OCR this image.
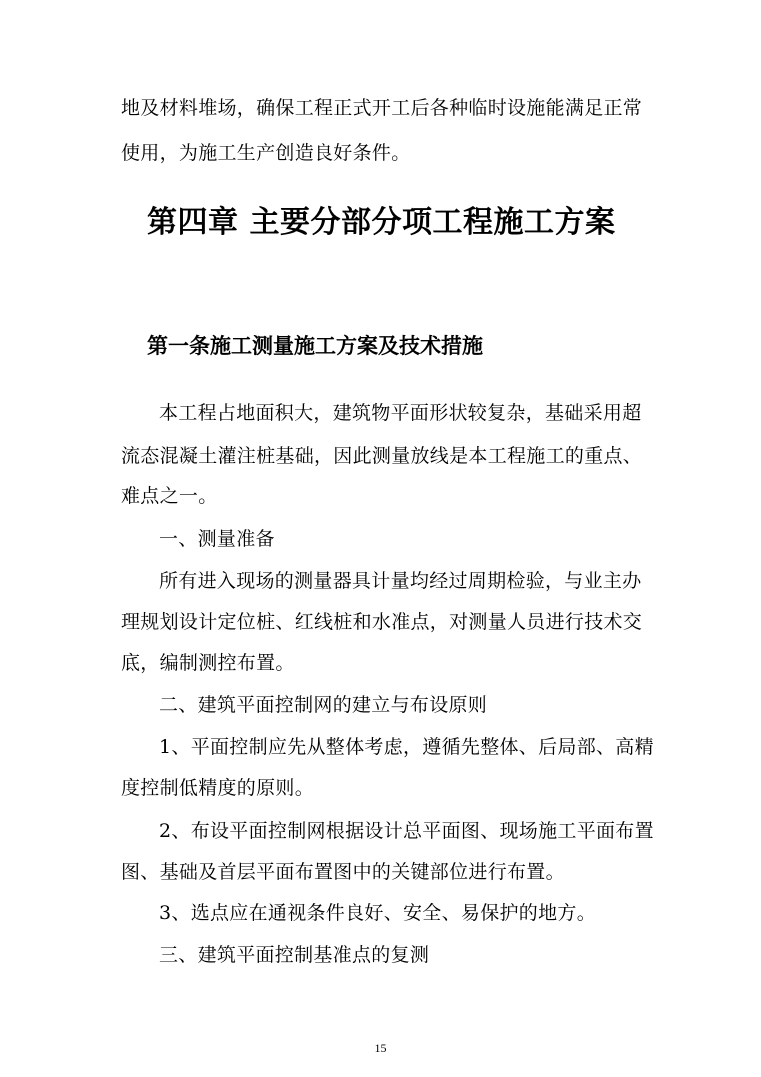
地及材料堆场，确保工程正式开工后各种临时设施能满足正常
使用，为施工生产创造良好条件。
第四章 主要分部分项工程施工方案
第一条施工测量施工方案及技术措施
本工程占地面积大，建筑物平面形状较复杂，基础采用超
流态混凝土灌注桩基础，因此测量放线是本工程施工的重点、
难点之一。
一、测量准备
所有进入现场的测量器具计量均经过周期检验，与业主办
理规划设计定位桩、红线桩和水准点，对测量人员进行技术交
底，编制测控布置。
二、建筑平面控制网的建立与布设原则
1、平面控制应先从整体考虑，遵循先整体、后局部、高精
度控制低精度的原则。
2、布设平面控制网根据设计总平面图、现场施工平面布置
图、基础及首层平面布置图中的关键部位进行布置。
3、选点应在通视条件良好、安全、易保护的地方。
三、建筑平面控制基准点的复测
15
